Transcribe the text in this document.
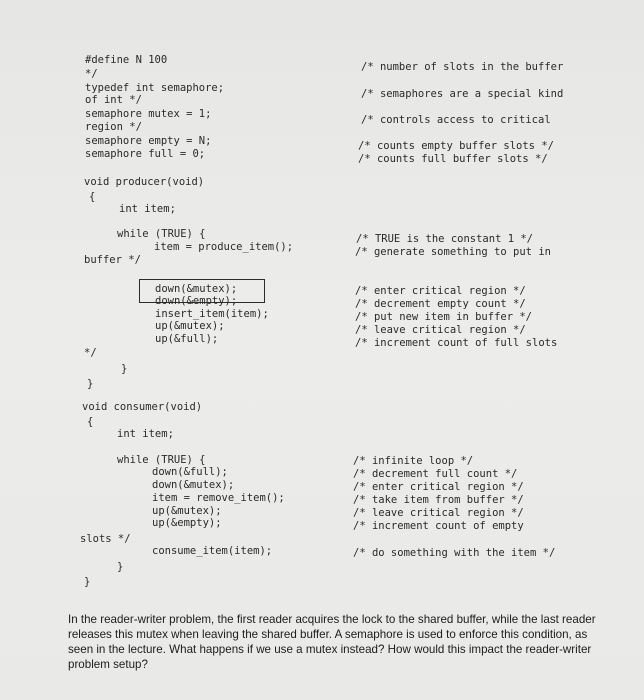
#define N 100
/* number of slots in the buffer
*/
typedef int semaphore;	/* semaphores are a special kind
of int */
semaphore mutex = 1;	/* controls access to critical
region */
semaphore empty = N;	/* counts empty buffer slots */
semaphore full = 0;	/* counts full buffer slots */
void producer(void)
{
int item;
while (TRUE) {	/* TRUE is the constant 1 */
item = produce_item();	/* generate something to put in
buffer */
down(&mutex);	/* enter critical region */
down(&empty);	/* decrement empty count */
insert_item(item);	/* put new item in buffer */
up(&mutex);	/* leave critical region */
up(&full);	/* increment count of full slots
*/
}
}
void consumer(void)
{
int item;
while (TRUE) {	/* infinite loop */
down(&full);	/* decrement full count */
down(&mutex);	/* enter critical region */
item = remove_item();	/* take item from buffer */
up(&mutex);	/* leave critical region */
up(&empty);	/* increment count of empty
slots */
consume_item(item);	/* do something with the item */
}
}
In the reader-writer problem, the first reader acquires the lock to the shared buffer, while the last reader releases this mutex when leaving the shared buffer. A semaphore is used to enforce this condition, as seen in the lecture. What happens if we use a mutex instead? How would this impact the reader-writer problem setup?
